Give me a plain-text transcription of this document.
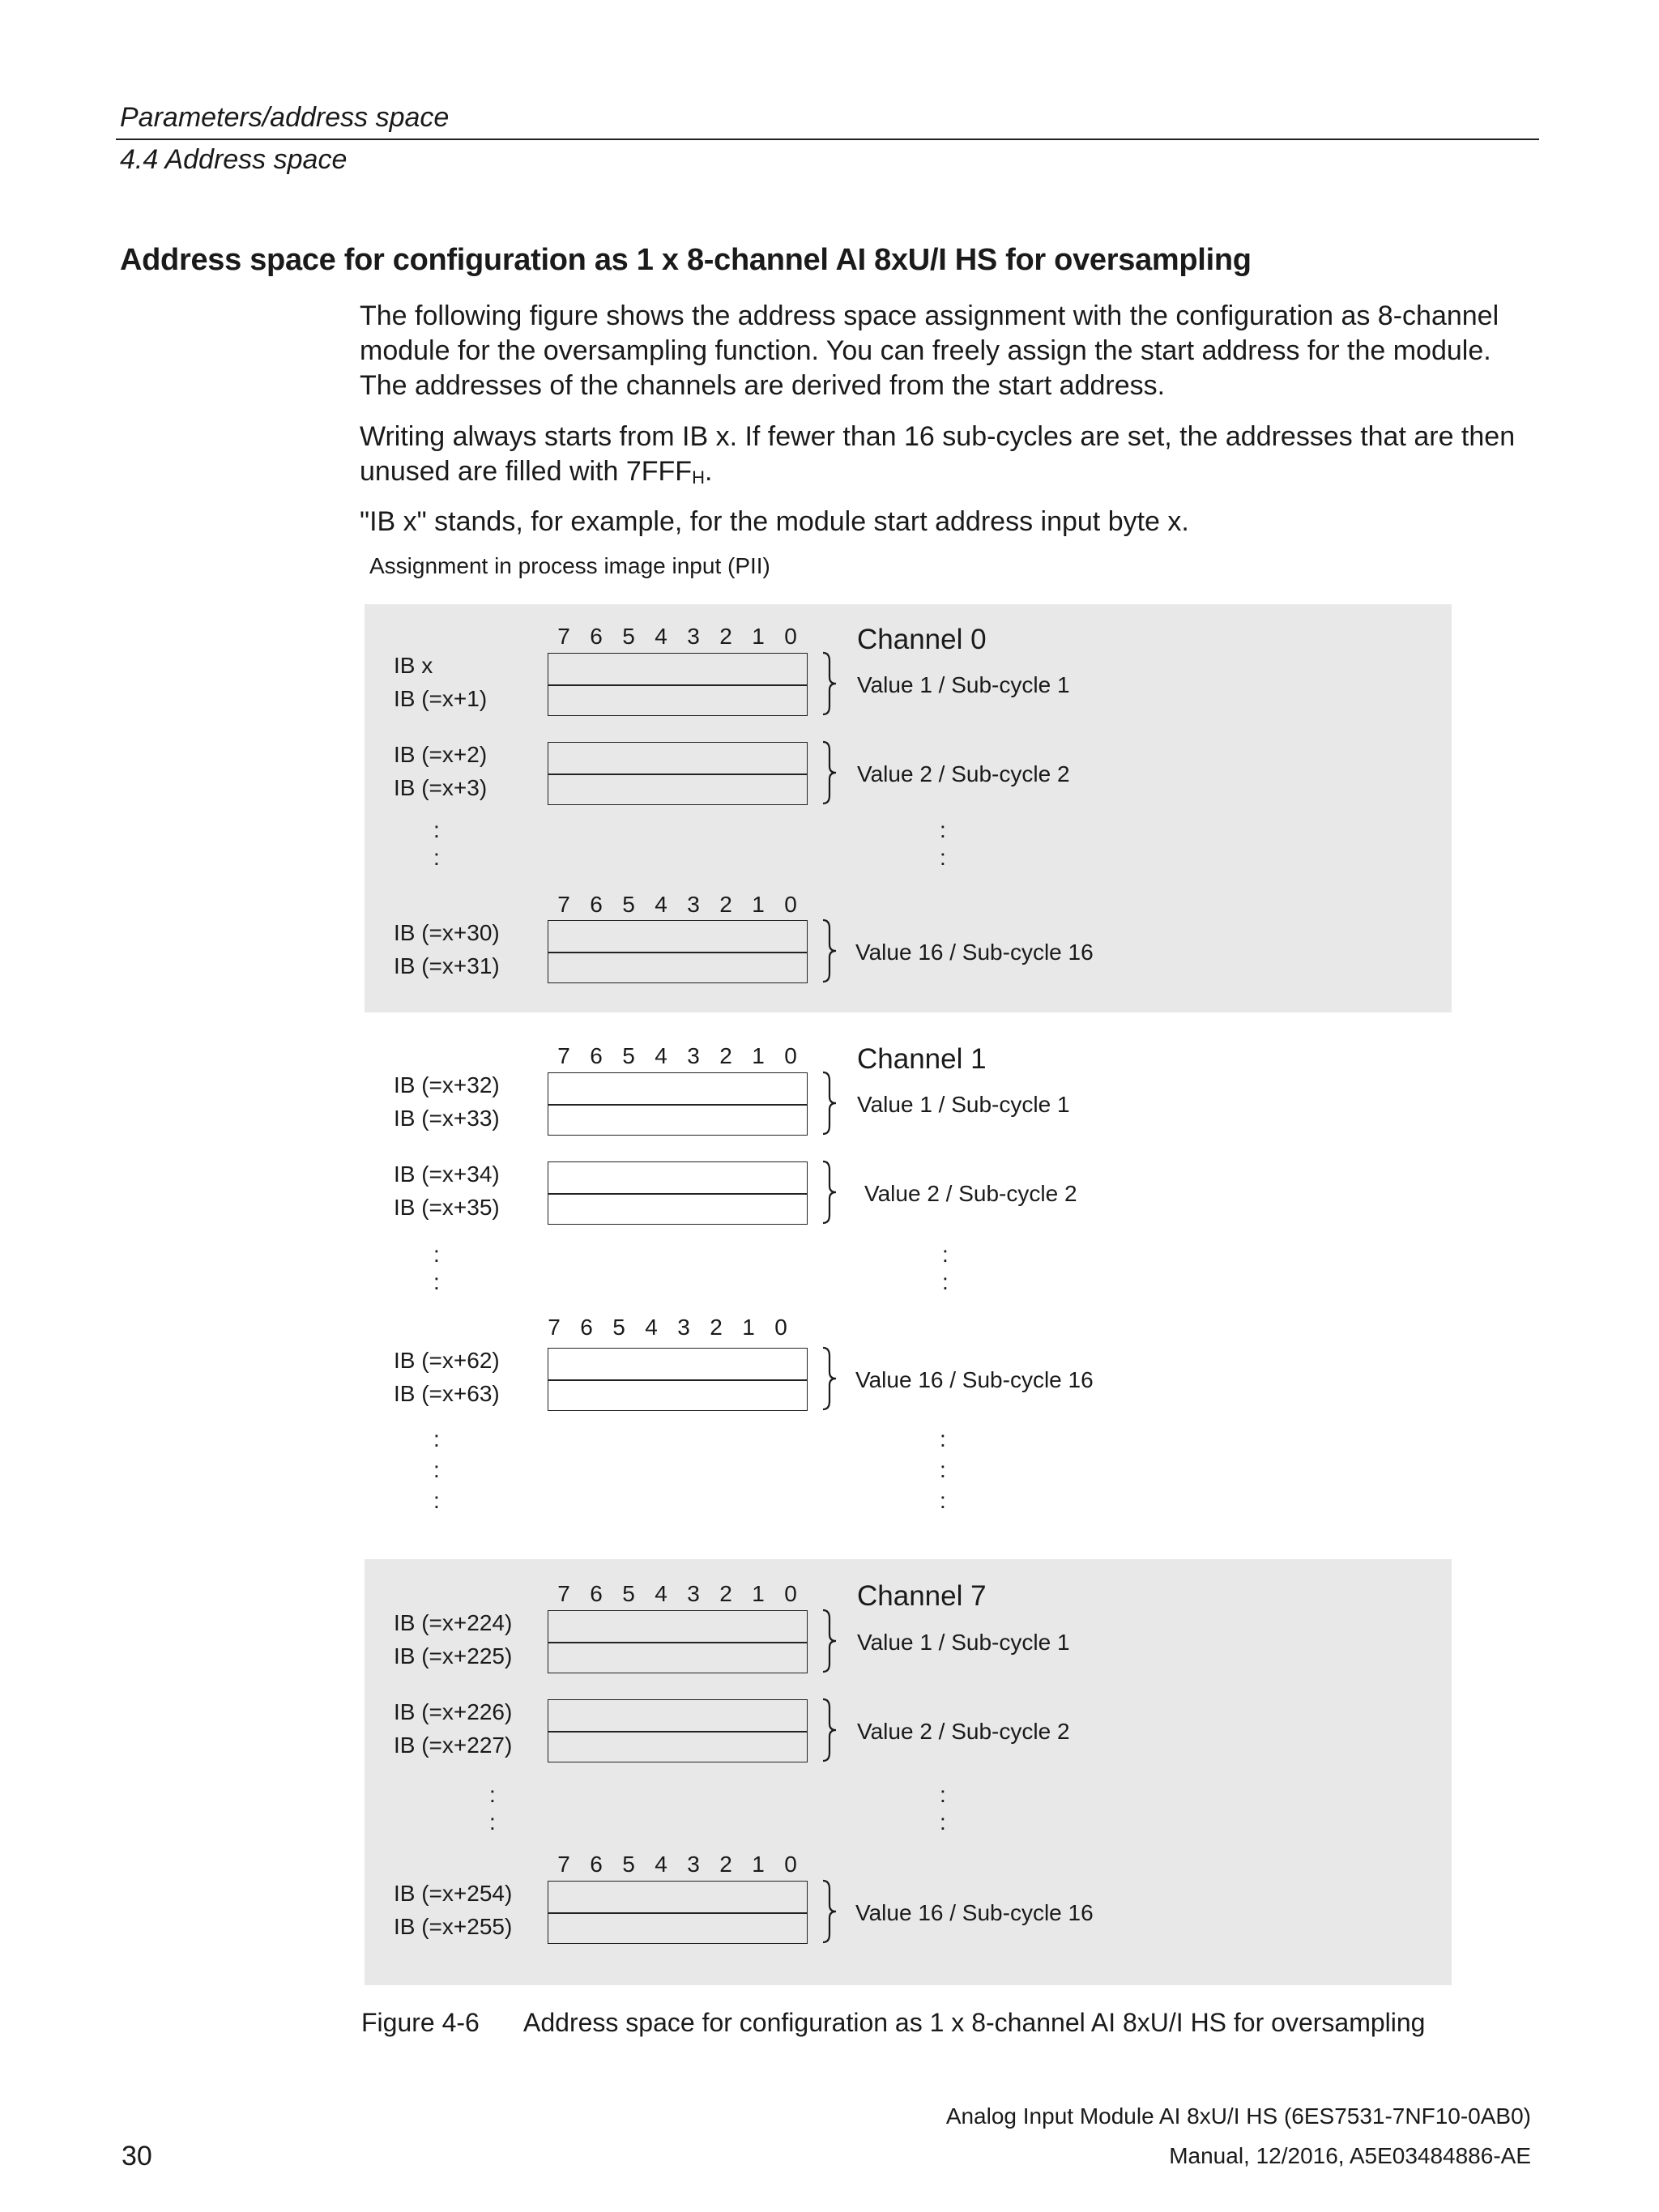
Parameters/address space
4.4 Address space
Address space for configuration as 1 x 8-channel AI 8xU/I HS for oversampling
The following figure shows the address space assignment with the configuration as 8-channel module for the oversampling function. You can freely assign the start address for the module. The addresses of the channels are derived from the start address.
Writing always starts from IB x. If fewer than 16 sub-cycles are set, the addresses that are then unused are filled with 7FFFH.
"IB x" stands, for example, for the module start address input byte x.
Assignment in process image input (PII)
Channel 0
7 6 5 4 3 2 1 0
IB x
IB (=x+1)
Value 1 / Sub-cycle 1
IB (=x+2)
IB (=x+3)
Value 2 / Sub-cycle 2
7 6 5 4 3 2 1 0
IB (=x+30)
IB (=x+31)
Value 16 / Sub-cycle 16
:
:
:
:
Channel 1
7 6 5 4 3 2 1 0
IB (=x+32)
IB (=x+33)
Value 1 / Sub-cycle 1
IB (=x+34)
IB (=x+35)
Value 2 / Sub-cycle 2
7 6 5 4 3 2 1 0
IB (=x+62)
IB (=x+63)
Value 16 / Sub-cycle 16
:
:
:
:
:
:
:
:
:
:
Channel 7
7 6 5 4 3 2 1 0
IB (=x+224)
IB (=x+225)
Value 1 / Sub-cycle 1
IB (=x+226)
IB (=x+227)
Value 2 / Sub-cycle 2
7 6 5 4 3 2 1 0
IB (=x+254)
IB (=x+255)
Value 16 / Sub-cycle 16
:
:
:
:
Figure 4-6 Address space for configuration as 1 x 8-channel AI 8xU/I HS for oversampling
Analog Input Module AI 8xU/I HS (6ES7531-7NF10-0AB0)
30	Manual, 12/2016, A5E03484886-AE
